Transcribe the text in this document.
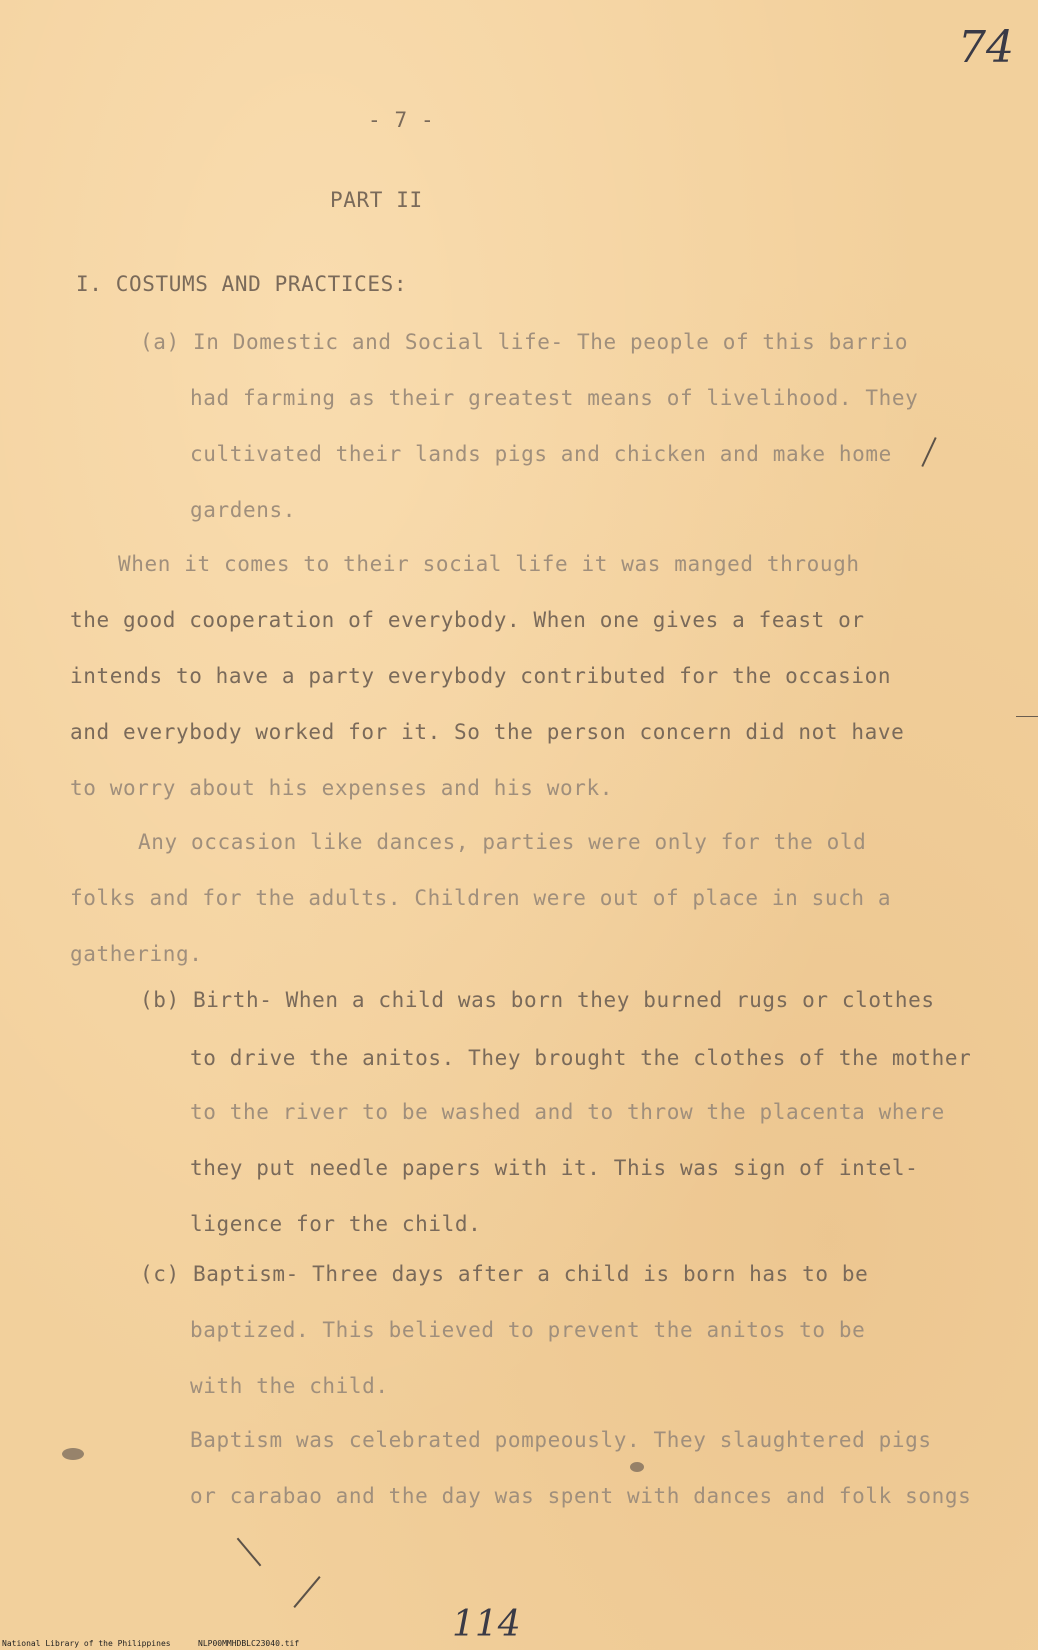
74
- 7 -
PART II
I. COSTUMS AND PRACTICES:
(a) In Domestic and Social life- The people of this barrio
had farming as their greatest means of livelihood. They
cultivated their lands pigs and chicken and make home
gardens.
When it comes to their social life it was manged through
the good cooperation of everybody. When one gives a feast or
intends to have a party everybody contributed for the occasion
and everybody worked for it. So the person concern did not have
to worry about his expenses and his work.
Any occasion like dances, parties were only for the old
folks and for the adults. Children were out of place in such a
gathering.
(b) Birth- When a child was born they burned rugs or clothes
to drive the anitos. They brought the clothes of the mother
to the river to be washed and to throw the placenta where
they put needle papers with it. This was sign of intel-
ligence for the child.
(c) Baptism- Three days after a child is born has to be
baptized. This believed to prevent the anitos to be
with the child.
Baptism was celebrated pompeously. They slaughtered pigs
or carabao and the day was spent with dances and folk songs
114
National Library of the Philippines	NLP00MMHDBLC23040.tif
